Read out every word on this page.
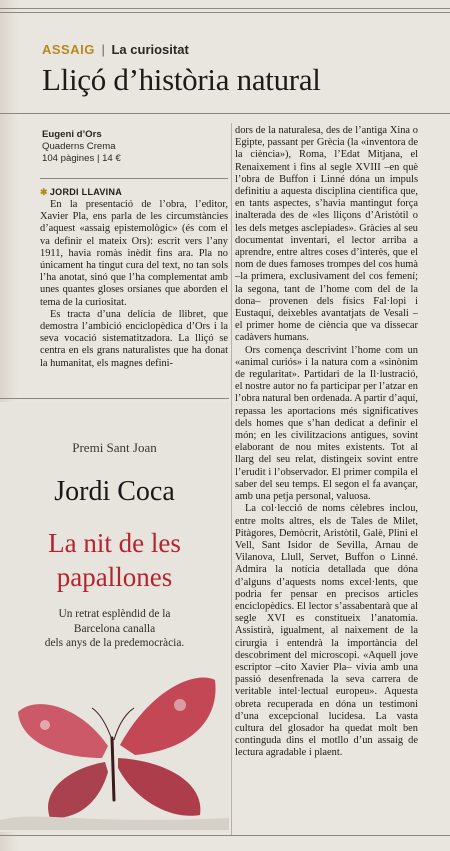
ASSAIG | La curiositat
Lliçó d’història natural
Eugeni d’Ors
Quaderns Crema
104 pàgines | 14 €
✱ JORDI LLAVINA

En la presentació de l’obra, l’editor, Xavier Pla, ens parla de les circumstàncies d’aquest «assaig epistemològic» (és com el va definir el mateix Ors): escrit vers l’any 1911, havia romàs inèdit fins ara. Pla no únicament ha tingut cura del text, no tan sols l’ha anotat, sinó que l’ha complementat amb unes quantes gloses orsianes que aborden el tema de la curiositat.

Es tracta d’una delícia de llibret, que demostra l’ambició enciclopèdica d’Ors i la seva vocació sistematitzadora. La lliçó se centra en els grans naturalistes que ha donat la humanitat, els magnes defini-

dors de la naturalesa, des de l’antiga Xina o Egipte, passant per Grècia (la «inventora de la ciència»), Roma, l’Edat Mitjana, el Renaixement i fins al segle XVIII –en què l’obra de Buffon i Linné dóna un impuls definitiu a aquesta disciplina científica que, en tants aspectes, s’havia mantingut força inalterada des de «les lliçons d’Aristòtil o les dels metges asclepiades». Gràcies al seu documentat inventari, el lector arriba a aprendre, entre altres coses d’interès, que el nom de dues famoses trompes del cos humà –la primera, exclusivament del cos femení; la segona, tant de l’home com del de la dona– provenen dels físics Fal·lopi i Eustaquí, deixebles avantatjats de Vesali –el primer home de ciència que va dissecar cadàvers humans.

Ors comença descrivint l’home com un «animal curiós» i la natura com a «sinònim de regularitat». Partidari de la Il·lustració, el nostre autor no fa participar per l’atzar en l’obra natural ben ordenada. A partir d’aquí, repassa les aportacions més significatives dels homes que s’han dedicat a definir el món; en les civilitzacions antigues, sovint elaborant de nou mites existents. Tot al llarg del seu relat, distingeix sovint entre l’erudit i l’observador. El primer compila el saber del seu temps. El segon el fa avançar, amb una petja personal, valuosa.

La col·lecció de noms cèlebres inclou, entre molts altres, els de Tales de Milet, Pitàgores, Demòcrit, Aristòtil, Galè, Plini el Vell, Sant Isidor de Sevilla, Arnau de Vilanova, Llull, Servet, Buffon o Linné. Admira la notícia detallada que dóna d’alguns d’aquests noms excel·lents, que podria fer pensar en precisos articles enciclopèdics. El lector s’assabentarà que al segle XVI es constitueix l’anatomia. Assistirà, igualment, al naixement de la cirurgia i entendrà la importància del descobriment del microscopi. «Aquell jove escriptor –cito Xavier Pla– vivia amb una passió desenfrenada la seva carrera de veritable intel·lectual europeu». Aquesta obreta recuperada en dóna un testimoni d’una excepcional lucidesa. La vasta cultura del glosador ha quedat molt ben continguda dins el motllo d’un assaig de lectura agradable i plaent.

Premi Sant Joan
Jordi Coca
La nit de les
papallones
Un retrat esplèndid de la
Barcelona canalla
dels anys de la predemocràcia.
